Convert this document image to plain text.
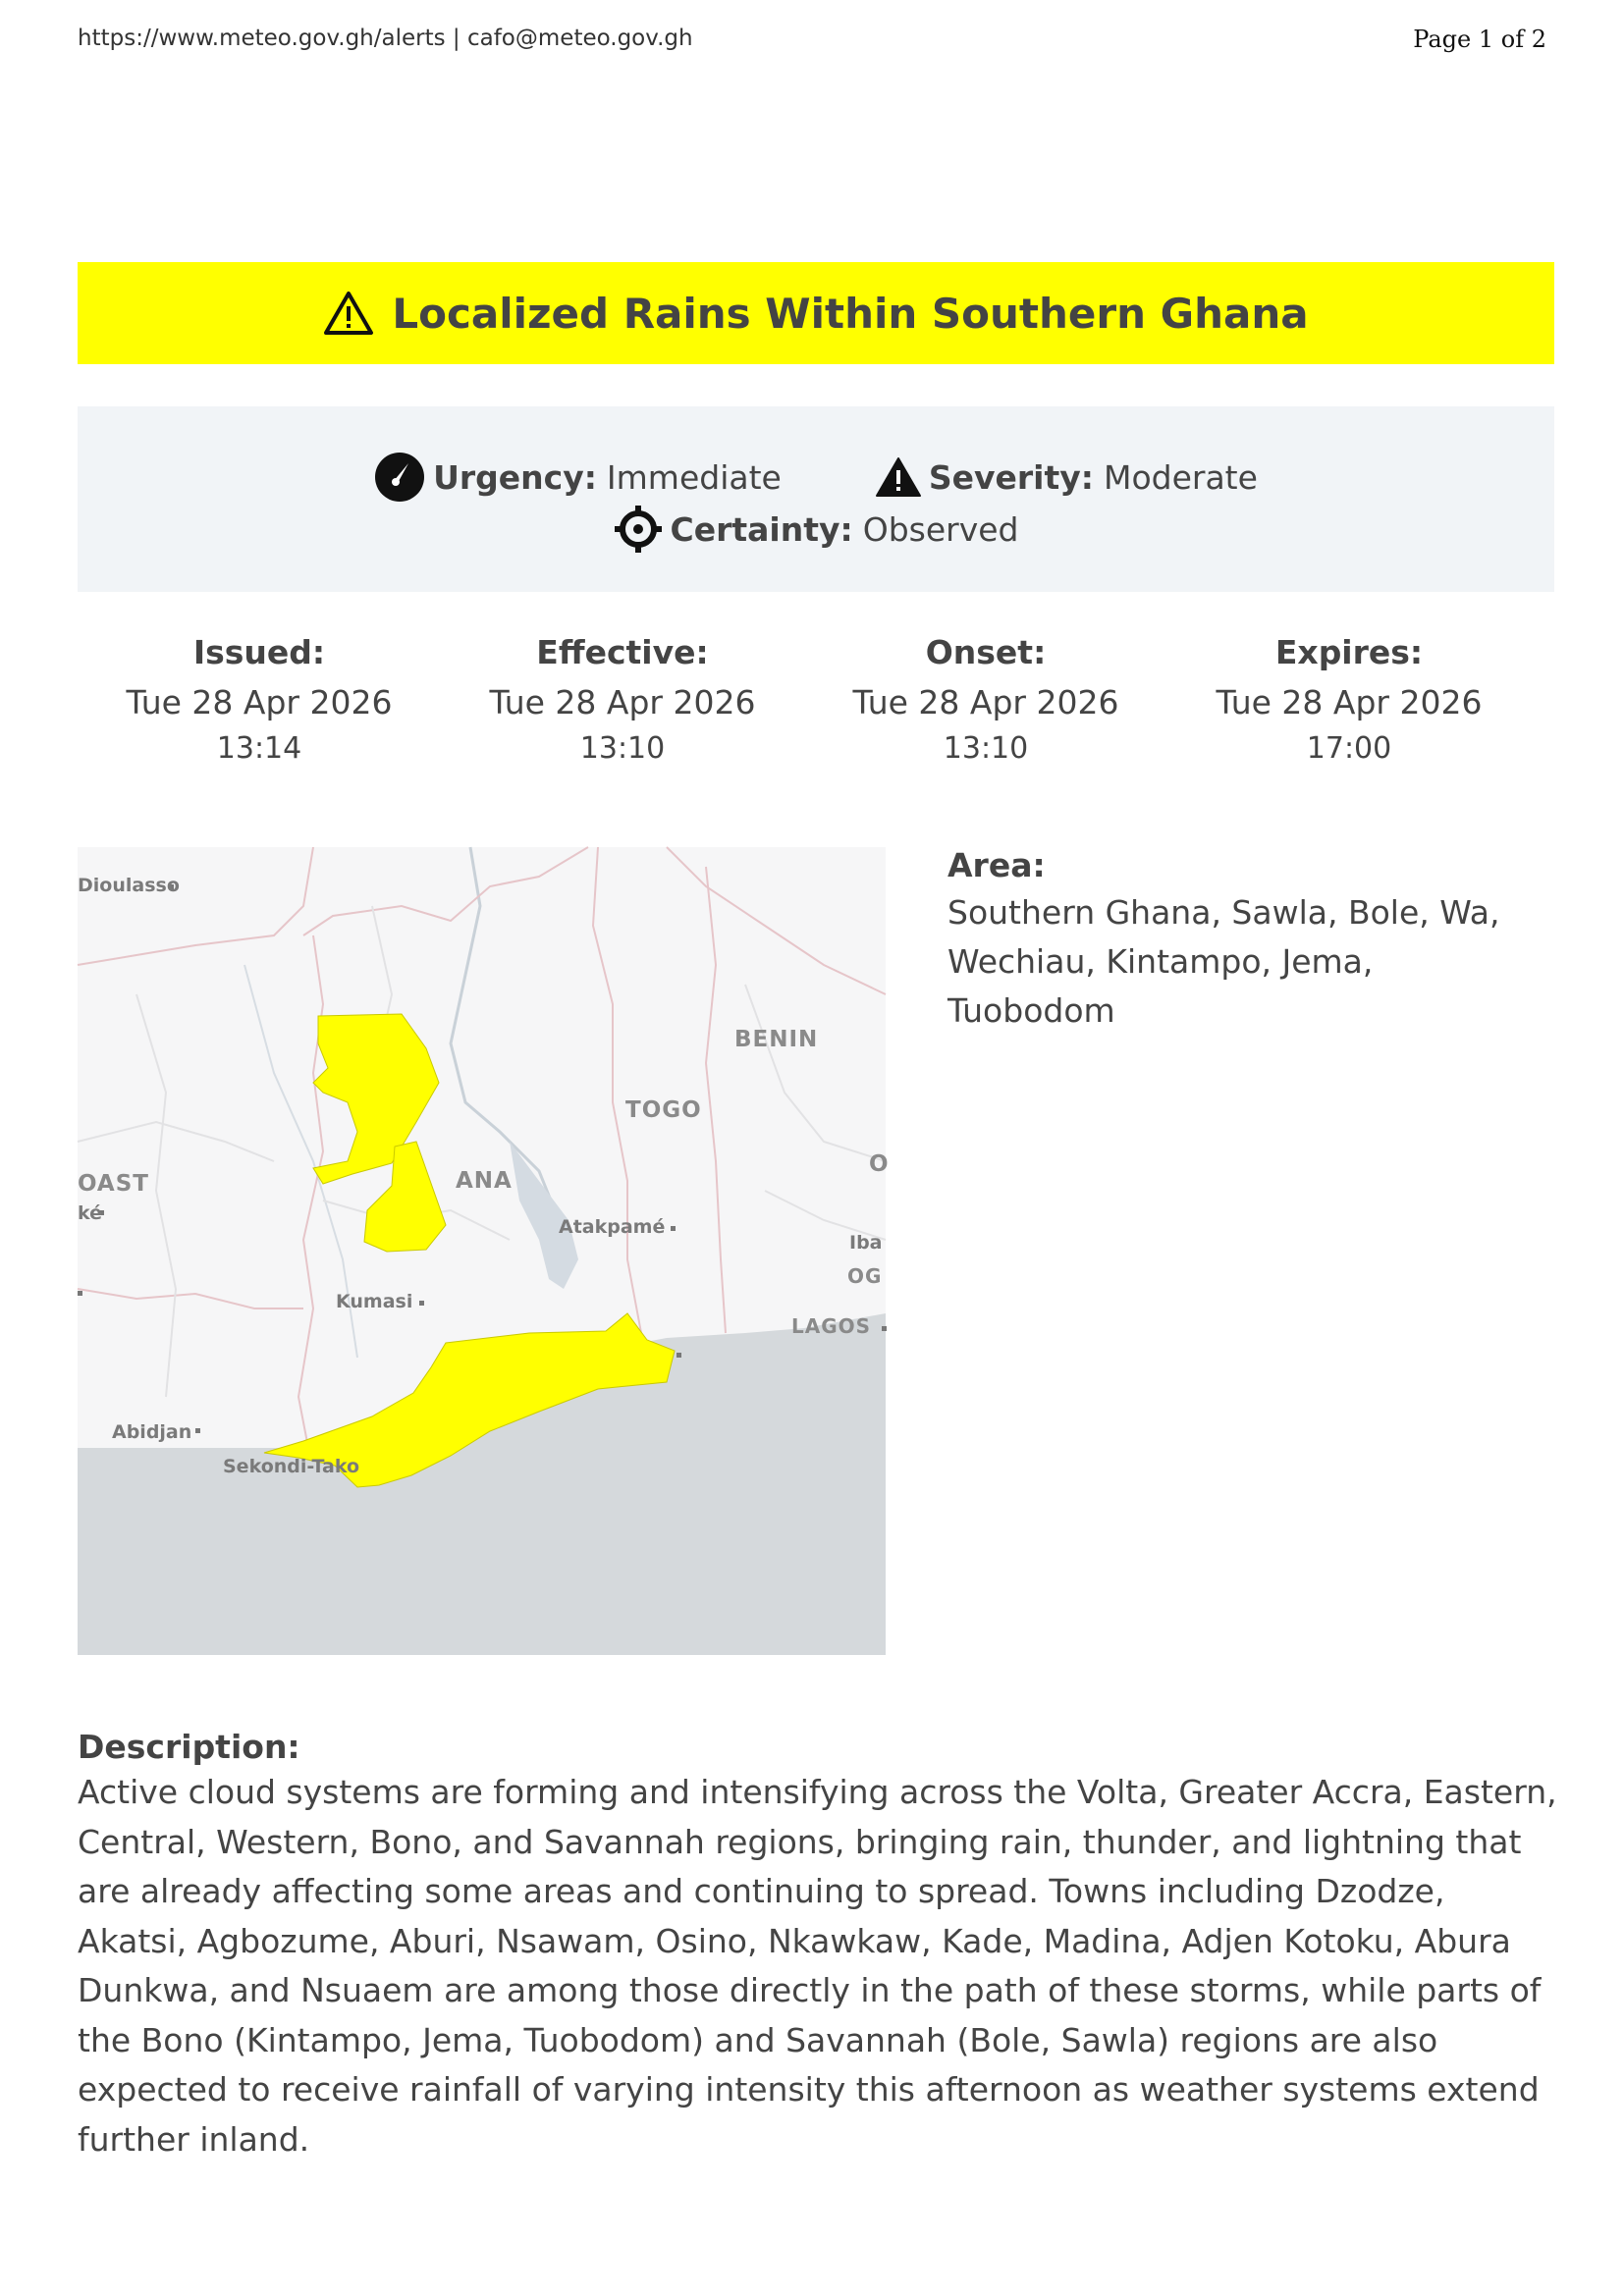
https://www.meteo.gov.gh/alerts | cafo@meteo.gov.gh	Page 1 of 2
Localized Rains Within Southern Ghana
Urgency: Immediate	Severity: Moderate
Certainty: Observed
Issued:
Tue 28 Apr 2026
13:14
Effective:
Tue 28 Apr 2026
13:10
Onset:
Tue 28 Apr 2026
13:10
Expires:
Tue 28 Apr 2026
17:00
Dioulasso
BENIN
TOGO
OAST
ké
ANA
Atakpamé
Kumasi
LAGOS
Iba
OG
O
Abidjan
Sekondi-Tako
Area:
Southern Ghana, Sawla, Bole, Wa, Wechiau, Kintampo, Jema, Tuobodom
Description:
Active cloud systems are forming and intensifying across the Volta, Greater Accra, Eastern, Central, Western, Bono, and Savannah regions, bringing rain, thunder, and lightning that are already affecting some areas and continuing to spread. Towns including Dzodze, Akatsi, Agbozume, Aburi, Nsawam, Osino, Nkawkaw, Kade, Madina, Adjen Kotoku, Abura Dunkwa, and Nsuaem are among those directly in the path of these storms, while parts of the Bono (Kintampo, Jema, Tuobodom) and Savannah (Bole, Sawla) regions are also expected to receive rainfall of varying intensity this afternoon as weather systems extend further inland.
